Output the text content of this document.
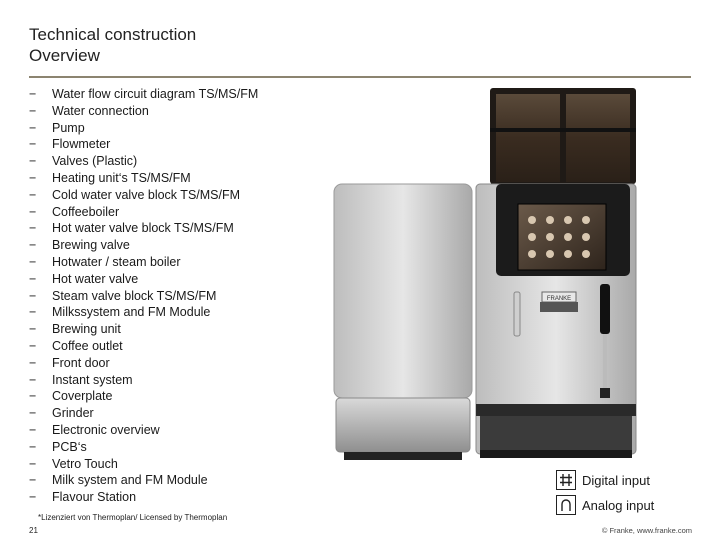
Technical construction
Overview
− Water flow circuit diagram TS/MS/FM
− Water connection
− Pump
− Flowmeter
− Valves (Plastic)
− Heating unit‘s TS/MS/FM
− Cold water valve block TS/MS/FM
− Coffeeboiler
− Hot water valve block TS/MS/FM
− Brewing valve
− Hotwater / steam boiler
− Hot water valve
− Steam valve block TS/MS/FM
− Milkssystem and FM Module
− Brewing unit
− Coffee outlet
− Front door
− Instant system
− Coverplate
− Grinder
− Electronic overview
− PCB‘s
− Vetro Touch
− Milk system and FM Module
− Flavour Station
FRANKE
Digital input
Analog input
*Lizenziert von Thermoplan/ Licensed by Thermoplan
21	© Franke, www.franke.com
